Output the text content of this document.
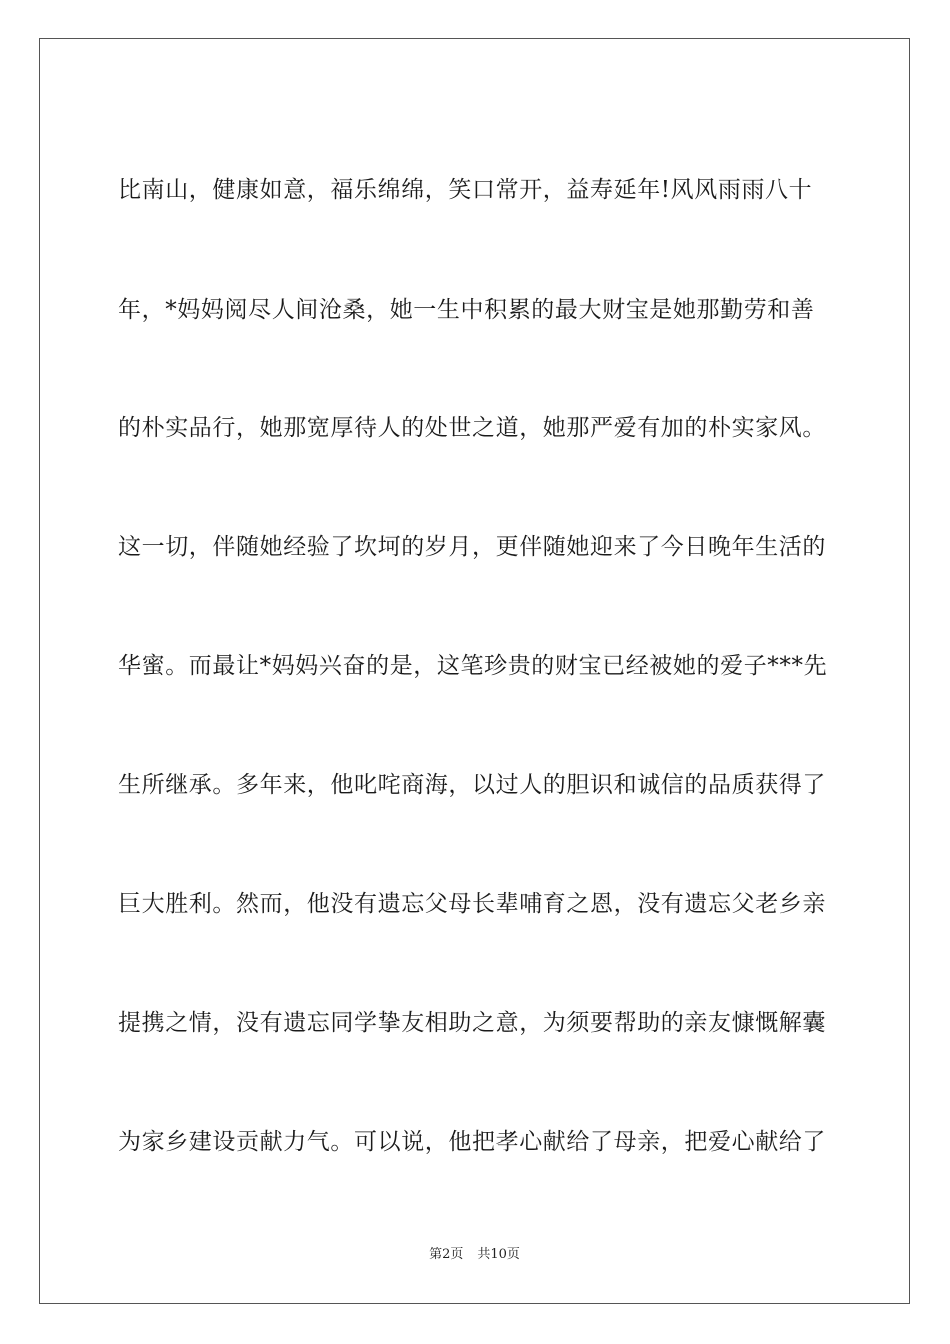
比南山，健康如意，福乐绵绵，笑口常开，益寿延年!风风雨雨八十
年，*妈妈阅尽人间沧桑，她一生中积累的最大财宝是她那勤劳和善
的朴实品行，她那宽厚待人的处世之道，她那严爱有加的朴实家风。
这一切，伴随她经验了坎坷的岁月，更伴随她迎来了今日晚年生活的
华蜜。而最让*妈妈兴奋的是，这笔珍贵的财宝已经被她的爱子***先
生所继承。多年来，他叱咤商海，以过人的胆识和诚信的品质获得了
巨大胜利。然而，他没有遗忘父母长辈哺育之恩，没有遗忘父老乡亲
提携之情，没有遗忘同学挚友相助之意，为须要帮助的亲友慷慨解囊
为家乡建设贡献力气。可以说，他把孝心献给了母亲，把爱心献给了
第2页 共10页
